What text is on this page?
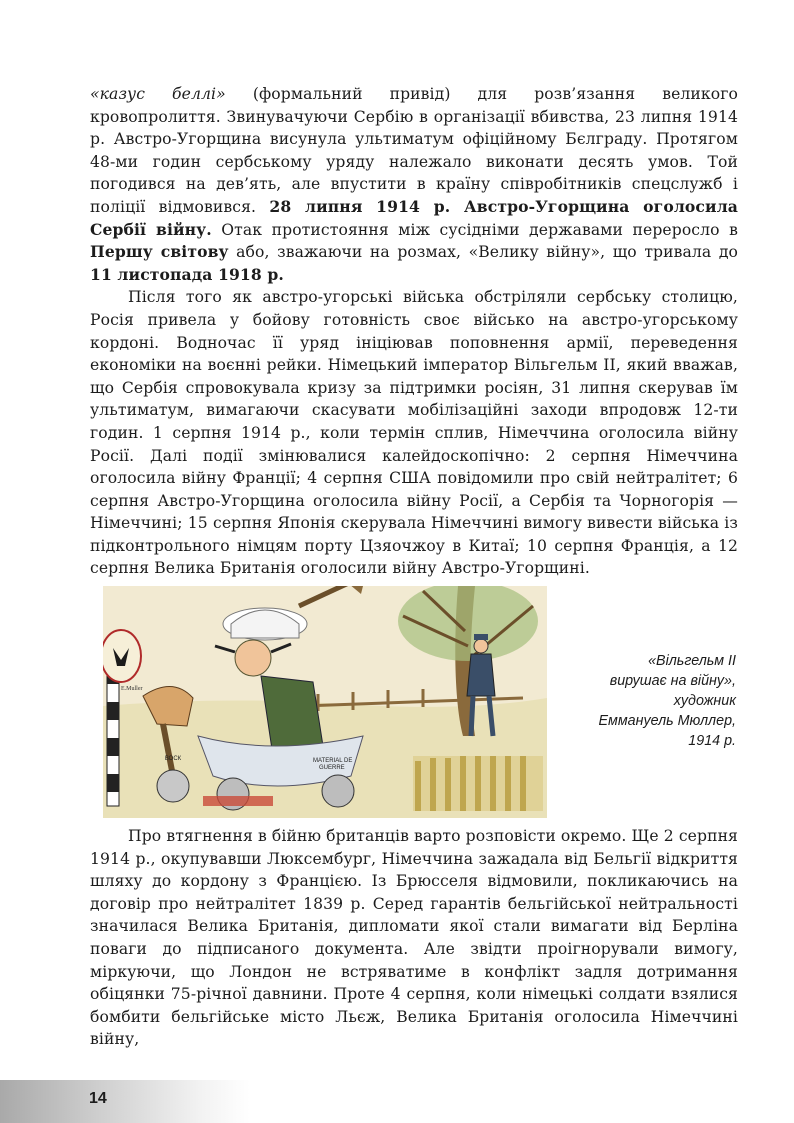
«казус беллі» (формальний привід) для розв’язання великого кровопролиття. Звинувачуючи Сербію в організації вбивства, 23 липня 1914 р. Австро-Угорщина висунула ультиматум офіційному Бєлграду. Протягом 48-ми годин сербському уряду належало виконати десять умов. Той погодився на дев’ять, але впустити в країну співробітників спецслужб і поліції відмовився. 28 липня 1914 р. Австро-Угорщина оголосила Сербії війну. Отак протистояння між сусідніми державами переросло в Першу світову або, зважаючи на розмах, «Велику війну», що тривала до 11 листопада 1918 р.

Після того як австро-угорські війська обстріляли сербську столицю, Росія привела у бойову готовність своє військо на австро-угорському кордоні. Водночас її уряд ініціював поповнення армії, переведення економіки на воєнні рейки. Німецький імператор Вільгельм ІІ, який вважав, що Сербія спровокувала кризу за підтримки росіян, 31 липня скерував їм ультиматум, вимагаючи скасувати мобілізаційні заходи впродовж 12-ти годин. 1 серпня 1914 р., коли термін сплив, Німеччина оголосила війну Росії. Далі події змінювалися калейдоскопічно: 2 серпня Німеччина оголосила війну Франції; 4 серпня США повідомили про свій нейтралітет; 6 серпня Австро-Угорщина оголосила війну Росії, а Сербія та Чорногорія — Німеччині; 15 серпня Японія скерувала Німеччині вимогу вивести війська із підконтрольного німцям порту Цзяочжоу в Китаї; 10 серпня Франція, а 12 серпня Велика Британія оголосили війну Австро-Угорщині.

ВОСК	MATERIAL DE
GUERRE
E.Muller
«Вільгельм ІІ
вирушає на війну»,
художник
Еммануель Мюллер,
1914 р.

Про втягнення в бійню британців варто розповісти окремо. Ще 2 серпня 1914 р., окупувавши Люксембург, Німеччина зажадала від Бельгії відкриття шляху до кордону з Францією. Із Брюсселя відмовили, покликаючись на договір про нейтралітет 1839 р. Серед гарантів бельгійської нейтральності значилася Велика Британія, дипломати якої стали вимагати від Берліна поваги до підписаного документа. Але звідти проігнорували вимогу, міркуючи, що Лондон не встряватиме в конфлікт задля дотримання обіцянки 75-річної давнини. Проте 4 серпня, коли німецькі солдати взялися бомбити бельгійське місто Льєж, Велика Британія оголосила Німеччині війну,

14
